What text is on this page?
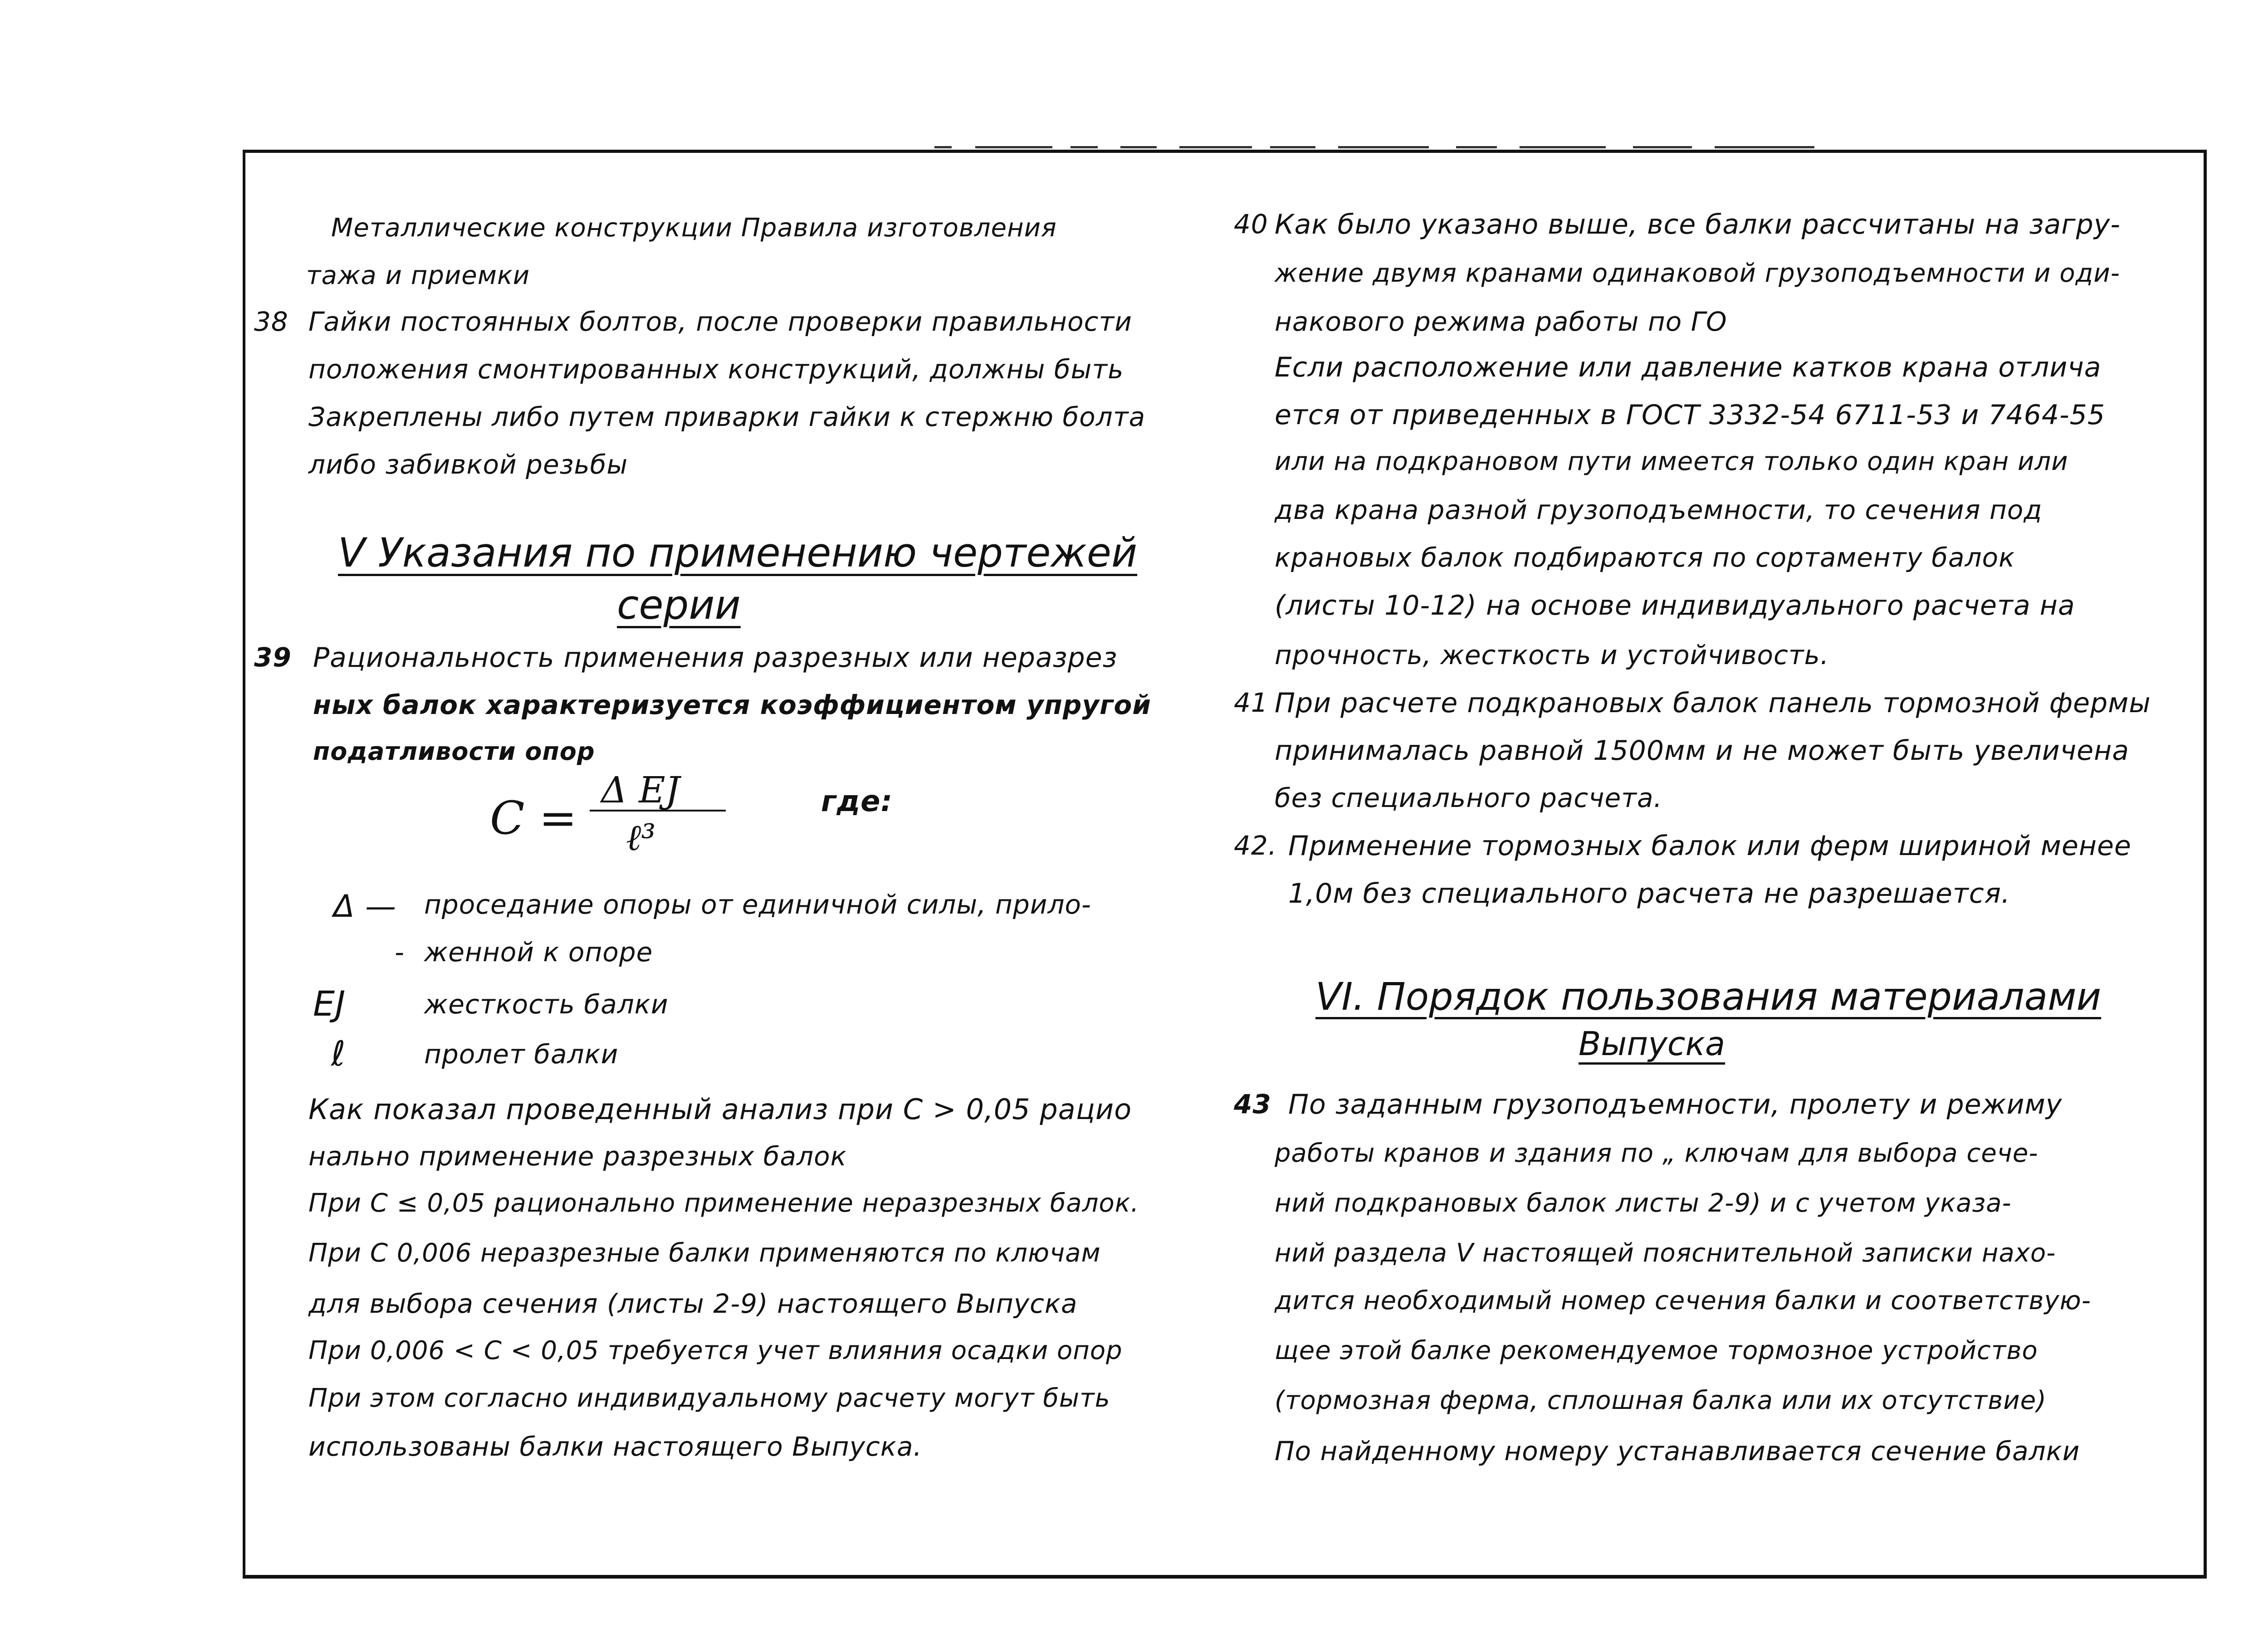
Металлические конструкции Правила изготовления
тажа и приемки
38 Гайки постоянных болтов, после проверки правильности
положения смонтированных конструкций, должны быть
Закреплены либо путем приварки гайки к стержню болта
либо забивкой резьбы
V Указания по применению чертежей
серии
39 Рациональность применения разрезных или неразрез
ных балок характеризуется коэффициентом упругой
податливости опор
C =
Δ EJ
ℓ³
где:
Δ — проседание опоры от единичной силы, прило-
- женной к опоре
EJ	жесткость балки
ℓ	пролет балки
Как показал проведенный анализ при C > 0,05 рацио
нально применение разрезных балок
При C ≤ 0,05 рационально применение неразрезных балок.
При C 0,006 неразрезные балки применяются по ключам
для выбора сечения (листы 2-9) настоящего Выпуска
При 0,006 < C < 0,05 требуется учет влияния осадки опор
При этом согласно индивидуальному расчету могут быть
использованы балки настоящего Выпуска.
40 Как было указано выше, все балки рассчитаны на загру-
жение двумя кранами одинаковой грузоподъемности и оди-
накового режима работы по ГО
Если расположение или давление катков крана отлича
ется от приведенных в ГОСТ 3332-54 6711-53 и 7464-55
или на подкрановом пути имеется только один кран или
два крана разной грузоподъемности, то сечения под
крановых балок подбираются по сортаменту балок
(листы 10-12) на основе индивидуального расчета на
прочность, жесткость и устойчивость.
41 При расчете подкрановых балок панель тормозной фермы
принималась равной 1500мм и не может быть увеличена
без специального расчета.
42. Применение тормозных балок или ферм шириной менее
1,0м без специального расчета не разрешается.
VI. Порядок пользования материалами
Выпуска
43 По заданным грузоподъемности, пролету и режиму
работы кранов и здания по „ ключам для выбора сече-
ний подкрановых балок листы 2-9) и с учетом указа-
ний раздела V настоящей пояснительной записки нахо-
дится необходимый номер сечения балки и соответствую-
щее этой балке рекомендуемое тормозное устройство
(тормозная ферма, сплошная балка или их отсутствие)
По найденному номеру устанавливается сечение балки
